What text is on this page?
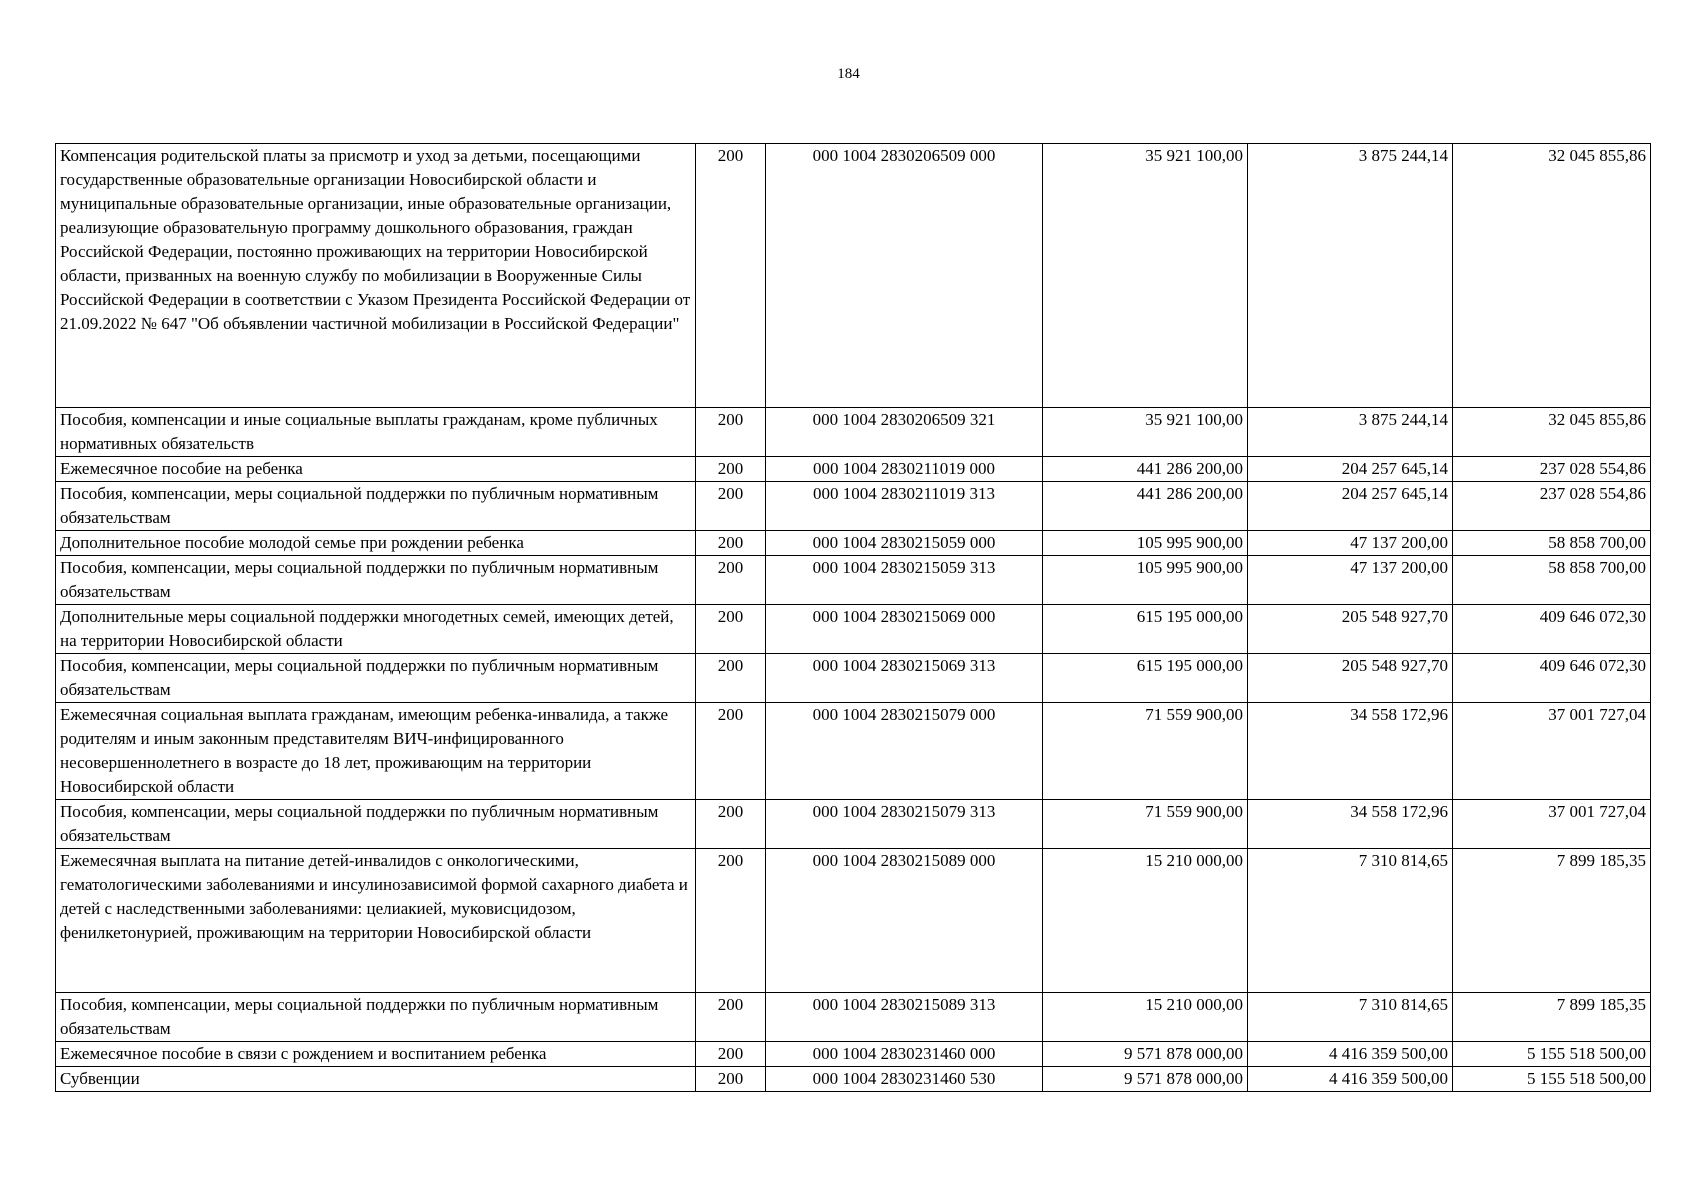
184
Компенсация родительской платы за присмотр и уход за детьми, посещающими государственные образовательные организации Новосибирской области и муниципальные образовательные организации, иные образовательные организации, реализующие образовательную программу дошкольного образования, граждан Российской Федерации, постоянно проживающих на территории Новосибирской области, призванных на военную службу по мобилизации в Вооруженные Силы Российской Федерации в соответствии с Указом Президента Российской Федерации от 21.09.2022 № 647 "Об объявлении частичной мобилизации в Российской Федерации"	200	000 1004 2830206509 000	35 921 100,00	3 875 244,14	32 045 855,86
Пособия, компенсации и иные социальные выплаты гражданам, кроме публичных нормативных обязательств	200	000 1004 2830206509 321	35 921 100,00	3 875 244,14	32 045 855,86
Ежемесячное пособие на ребенка	200	000 1004 2830211019 000	441 286 200,00	204 257 645,14	237 028 554,86
Пособия, компенсации, меры социальной поддержки по публичным нормативным обязательствам	200	000 1004 2830211019 313	441 286 200,00	204 257 645,14	237 028 554,86
Дополнительное пособие молодой семье при рождении ребенка	200	000 1004 2830215059 000	105 995 900,00	47 137 200,00	58 858 700,00
Пособия, компенсации, меры социальной поддержки по публичным нормативным обязательствам	200	000 1004 2830215059 313	105 995 900,00	47 137 200,00	58 858 700,00
Дополнительные меры социальной поддержки многодетных семей, имеющих детей, на территории Новосибирской области	200	000 1004 2830215069 000	615 195 000,00	205 548 927,70	409 646 072,30
Пособия, компенсации, меры социальной поддержки по публичным нормативным обязательствам	200	000 1004 2830215069 313	615 195 000,00	205 548 927,70	409 646 072,30
Ежемесячная социальная выплата гражданам, имеющим ребенка-инвалида, а также родителям и иным законным представителям ВИЧ-инфицированного несовершеннолетнего в возрасте до 18 лет, проживающим на территории Новосибирской области	200	000 1004 2830215079 000	71 559 900,00	34 558 172,96	37 001 727,04
Пособия, компенсации, меры социальной поддержки по публичным нормативным обязательствам	200	000 1004 2830215079 313	71 559 900,00	34 558 172,96	37 001 727,04
Ежемесячная выплата на питание детей-инвалидов с онкологическими, гематологическими заболеваниями и инсулинозависимой формой сахарного диабета и детей с наследственными заболеваниями: целиакией, муковисцидозом, фенилкетонурией, проживающим на территории Новосибирской области	200	000 1004 2830215089 000	15 210 000,00	7 310 814,65	7 899 185,35
Пособия, компенсации, меры социальной поддержки по публичным нормативным обязательствам	200	000 1004 2830215089 313	15 210 000,00	7 310 814,65	7 899 185,35
Ежемесячное пособие в связи с рождением и воспитанием ребенка	200	000 1004 2830231460 000	9 571 878 000,00	4 416 359 500,00	5 155 518 500,00
Субвенции	200	000 1004 2830231460 530	9 571 878 000,00	4 416 359 500,00	5 155 518 500,00
